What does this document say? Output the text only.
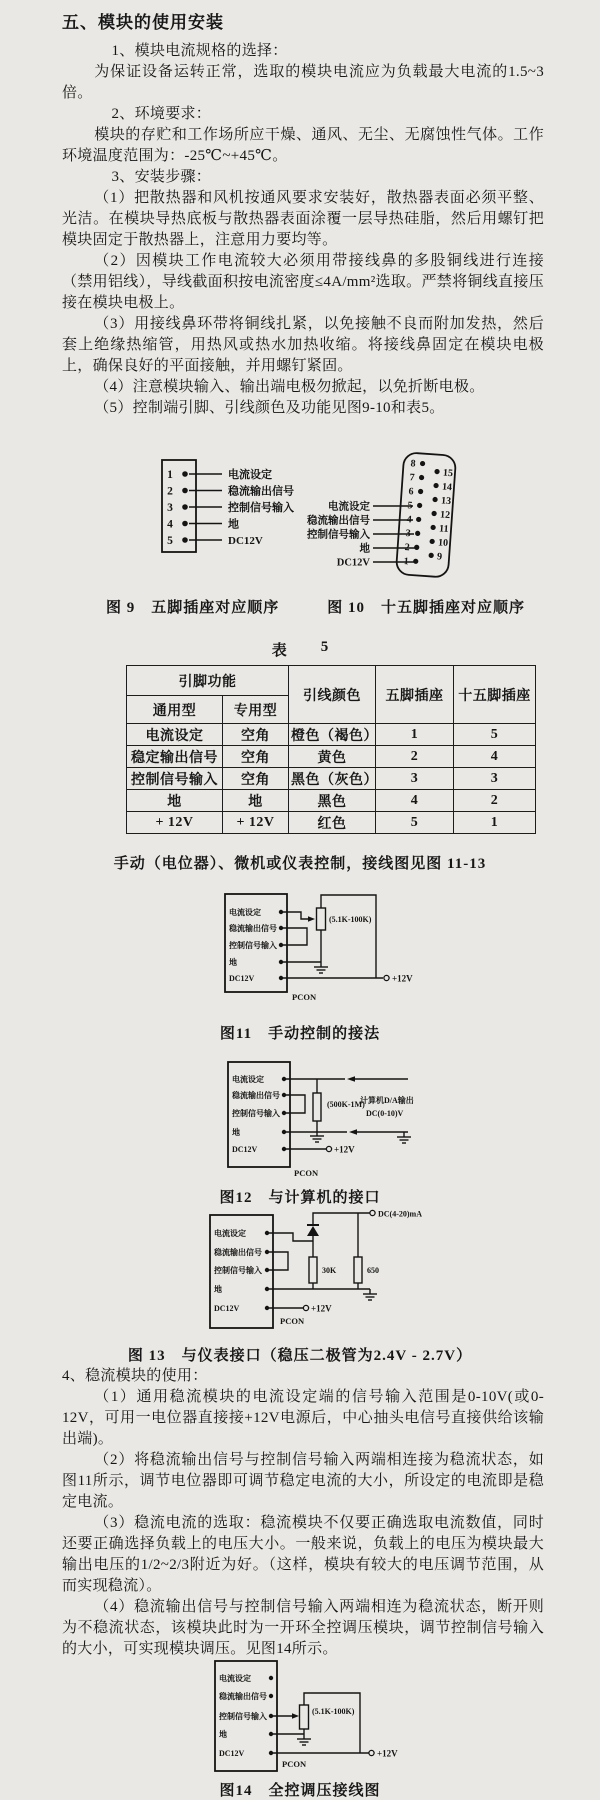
五、模块的使用安装

1、模块电流规格的选择：

为保证设备运转正常，选取的模块电流应为负载最大电流的1.5~3倍。

2、环境要求：

模块的存贮和工作场所应干燥、通风、无尘、无腐蚀性气体。工作环境温度范围为：-25℃~+45℃。

3、安装步骤：

（1）把散热器和风机按通风要求安装好，散热器表面必须平整、光洁。在模块导热底板与散热器表面涂覆一层导热硅脂，然后用螺钉把模块固定于散热器上，注意用力要均等。

（2）因模块工作电流较大必须用带接线鼻的多股铜线进行连接（禁用铝线），导线截面积按电流密度≤4A/mm²选取。严禁将铜线直接压接在模块电极上。

（3）用接线鼻环带将铜线扎紧，以免接触不良而附加发热，然后套上绝缘热缩管，用热风或热水加热收缩。将接线鼻固定在模块电极上，确保良好的平面接触，并用螺钉紧固。

（4）注意模块输入、输出端电极勿掀起，以免折断电极。

（5）控制端引脚、引线颜色及功能见图9-10和表5。

1
2
3
4
5
电流设定
稳流输出信号
控制信号输入
地
DC12V
8
7
6
5
4
3
2
1
15
14
13
12
11
10
9
电流设定
稳流输出信号
控制信号输入
地
DC12V
图 9　五脚插座对应顺序	图 10　十五脚插座对应顺序
表 5
引脚功能		引线颜色	五脚插座	十五脚插座
通用型	专用型			
电流设定	空角	橙色（褐色）	1	5
稳定输出信号	空角	黄色	2	4
控制信号输入	空角	黑色（灰色）	3	3
地	地	黑色	4	2
+ 12V	+ 12V	红色	5	1
手动（电位器）、微机或仪表控制，接线图见图 11-13
电流设定
稳流输出信号
控制信号输入
地
DC12V
(5.1K-100K)
+12V
PCON
图11　手动控制的接法
电流设定
稳流输出信号
控制信号输入
地
DC12V
(500K-1M)
计算机D/A输出
DC(0-10)V
+12V
PCON
图12　与计算机的接口
电流设定
稳流输出信号
控制信号输入
地
DC12V
DC(4-20)mA
30K	650
+12V
PCON
图 13　与仪表接口（稳压二极管为2.4V - 2.7V）

4、稳流模块的使用：

（1）通用稳流模块的电流设定端的信号输入范围是0-10V(或0-12V，可用一电位器直接接+12V电源后，中心抽头电信号直接供给该输出端)。

（2）将稳流输出信号与控制信号输入两端相连接为稳流状态，如图11所示，调节电位器即可调节稳定电流的大小，所设定的电流即是稳定电流。

（3）稳流电流的选取：稳流模块不仅要正确选取电流数值，同时还要正确选择负载上的电压大小。一般来说，负载上的电压为模块最大输出电压的1/2~2/3附近为好。（这样，模块有较大的电压调节范围，从而实现稳流）。

（4）稳流输出信号与控制信号输入两端相连为稳流状态，断开则为不稳流状态，该模块此时为一开环全控调压模块，调节控制信号输入的大小，可实现模块调压。见图14所示。

电流设定
稳流输出信号
控制信号输入
地
DC12V
(5.1K-100K)
+12V
PCON
图14　全控调压接线图
